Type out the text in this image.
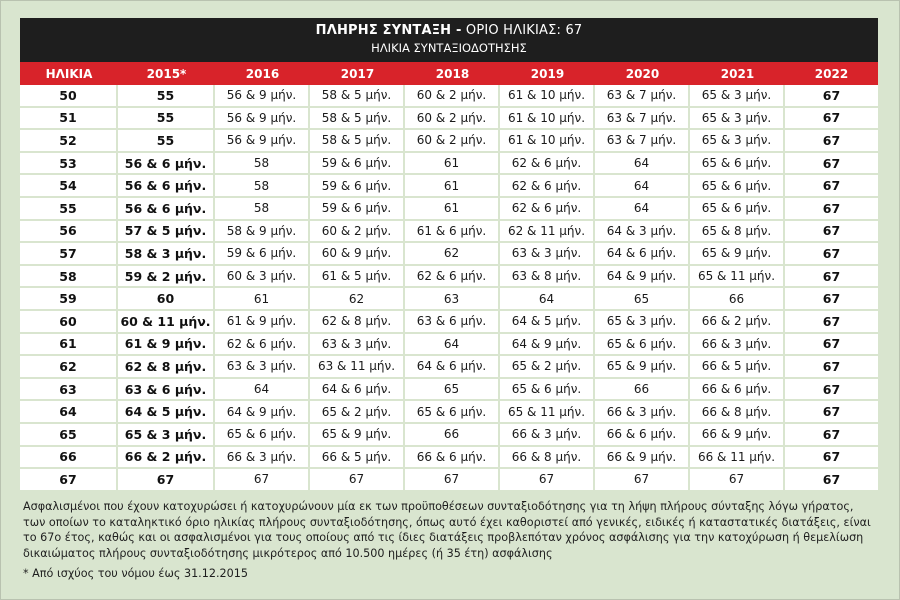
ΠΛΗΡΗΣ ΣΥΝΤΑΞΗ - ΟΡΙΟ ΗΛΙΚΙΑΣ: 67
ΗΛΙΚΙΑ ΣΥΝΤΑΞΙΟΔΟΤΗΣΗΣ
ΗΛΙΚΙΑ	2015*	2016	2017	2018	2019	2020	2021	2022
50	55	56 & 9 μήν.	58 & 5 μήν.	60 & 2 μήν.	61 & 10 μήν.	63 & 7 μήν.	65 & 3 μήν.	67
51	55	56 & 9 μήν.	58 & 5 μήν.	60 & 2 μήν.	61 & 10 μήν.	63 & 7 μήν.	65 & 3 μήν.	67
52	55	56 & 9 μήν.	58 & 5 μήν.	60 & 2 μήν.	61 & 10 μήν.	63 & 7 μήν.	65 & 3 μήν.	67
53	56 & 6 μήν.	58	59 & 6 μήν.	61	62 & 6 μήν.	64	65 & 6 μήν.	67
54	56 & 6 μήν.	58	59 & 6 μήν.	61	62 & 6 μήν.	64	65 & 6 μήν.	67
55	56 & 6 μήν.	58	59 & 6 μήν.	61	62 & 6 μήν.	64	65 & 6 μήν.	67
56	57 & 5 μήν.	58 & 9 μήν.	60 & 2 μήν.	61 & 6 μήν.	62 & 11 μήν.	64 & 3 μήν.	65 & 8 μήν.	67
57	58 & 3 μήν.	59 & 6 μήν.	60 & 9 μήν.	62	63 & 3 μήν.	64 & 6 μήν.	65 & 9 μήν.	67
58	59 & 2 μήν.	60 & 3 μήν.	61 & 5 μήν.	62 & 6 μήν.	63 & 8 μήν.	64 & 9 μήν.	65 & 11 μήν.	67
59	60	61	62	63	64	65	66	67
60	60 & 11 μήν.	61 & 9 μήν.	62 & 8 μήν.	63 & 6 μήν.	64 & 5 μήν.	65 & 3 μήν.	66 & 2 μήν.	67
61	61 & 9 μήν.	62 & 6 μήν.	63 & 3 μήν.	64	64 & 9 μήν.	65 & 6 μήν.	66 & 3 μήν.	67
62	62 & 8 μήν.	63 & 3 μήν.	63 & 11 μήν.	64 & 6 μήν.	65 & 2 μήν.	65 & 9 μήν.	66 & 5 μήν.	67
63	63 & 6 μήν.	64	64 & 6 μήν.	65	65 & 6 μήν.	66	66 & 6 μήν.	67
64	64 & 5 μήν.	64 & 9 μήν.	65 & 2 μήν.	65 & 6 μήν.	65 & 11 μήν.	66 & 3 μήν.	66 & 8 μήν.	67
65	65 & 3 μήν.	65 & 6 μήν.	65 & 9 μήν.	66	66 & 3 μήν.	66 & 6 μήν.	66 & 9 μήν.	67
66	66 & 2 μήν.	66 & 3 μήν.	66 & 5 μήν.	66 & 6 μήν.	66 & 8 μήν.	66 & 9 μήν.	66 & 11 μήν.	67
67	67	67	67	67	67	67	67	67

Ασφαλισμένοι που έχουν κατοχυρώσει ή κατοχυρώνουν μία εκ των προϋποθέσεων συνταξιοδότησης για τη λήψη πλήρους σύνταξης λόγω γήρατος, των οποίων το καταληκτικό όριο ηλικίας πλήρους συνταξιοδότησης, όπως αυτό έχει καθοριστεί από γενικές, ειδικές ή καταστατικές διατάξεις, είναι το 67ο έτος, καθώς και οι ασφαλισμένοι για τους οποίους από τις ίδιες διατάξεις προβλεπόταν χρόνος ασφάλισης για την κατοχύρωση ή θεμελίωση δικαιώματος πλήρους συνταξιοδότησης μικρότερος από 10.500 ημέρες (ή 35 έτη) ασφάλισης

* Από ισχύος του νόμου έως 31.12.2015
